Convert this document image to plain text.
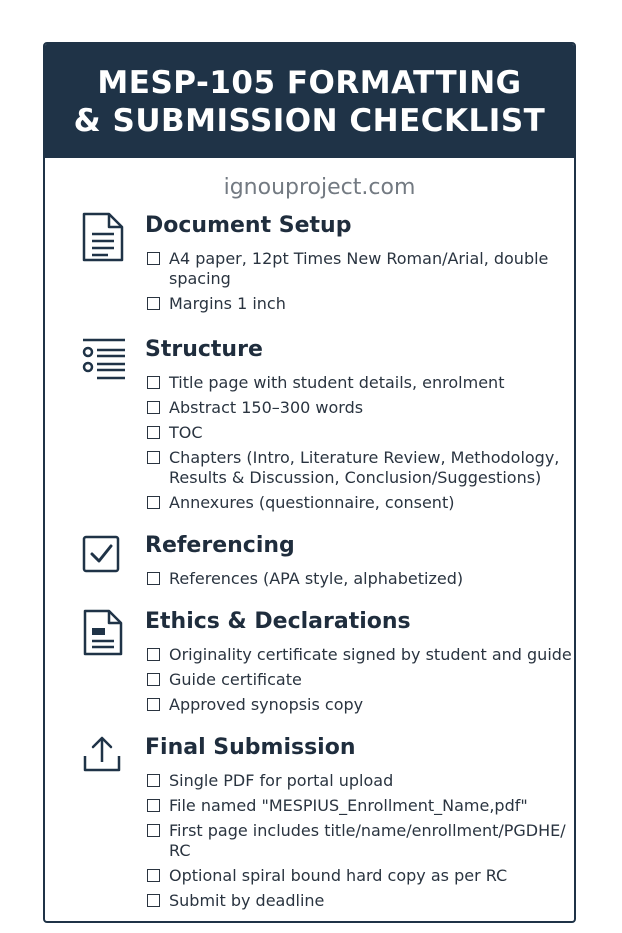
MESP-105 FORMATTING
& SUBMISSION CHECKLIST
ignouproject.com
Document Setup
A4 paper, 12pt Times New Roman/Arial, double spacing
Margins 1 inch
Structure
Title page with student details, enrolment
Abstract 150–300 words
TOC
Chapters (Intro, Literature Review, Methodology, Results & Discussion, Conclusion/Suggestions)
Annexures (questionnaire, consent)
Referencing
References (APA style, alphabetized)
Ethics & Declarations
Originality certificate signed by student and guide
Guide certificate
Approved synopsis copy
Final Submission
Single PDF for portal upload
File named "MESPIUS_Enrollment_Name,pdf"
First page includes title/name/enrollment/PGDHE/ RC
Optional spiral bound hard copy as per RC
Submit by deadline
